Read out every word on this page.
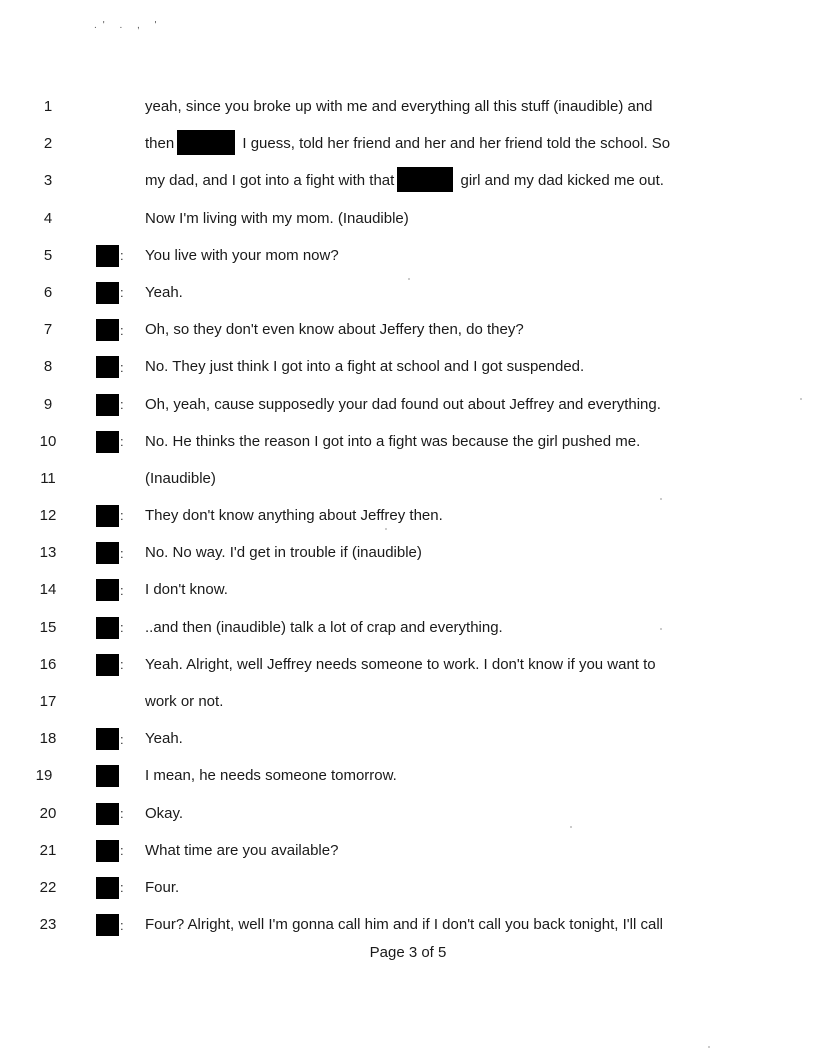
.' . , '
1	yeah, since you broke up with me and everything all this stuff (inaudible) and
2	then	I guess, told her friend and her and her friend told the school. So
3	my dad, and I got into a fight with that	girl and my dad kicked me out.
4	Now I'm living with my mom. (Inaudible)
5	: You live with your mom now?
6	: Yeah.
7	: Oh, so they don't even know about Jeffery then, do they?
8	: No. They just think I got into a fight at school and I got suspended.
9	: Oh, yeah, cause supposedly your dad found out about Jeffrey and everything.
10	: No. He thinks the reason I got into a fight was because the girl pushed me.
11	(Inaudible)
12	: They don't know anything about Jeffrey then.
13	: No. No way. I'd get in trouble if (inaudible)
14	: I don't know.
15	: ..and then (inaudible) talk a lot of crap and everything.
16	: Yeah. Alright, well Jeffrey needs someone to work. I don't know if you want to
17	work or not.
18	: Yeah.
19	I mean, he needs someone tomorrow.
20	: Okay.
21	: What time are you available?
22	: Four.
23	: Four? Alright, well I'm gonna call him and if I don't call you back tonight, I'll call
Page 3 of 5
